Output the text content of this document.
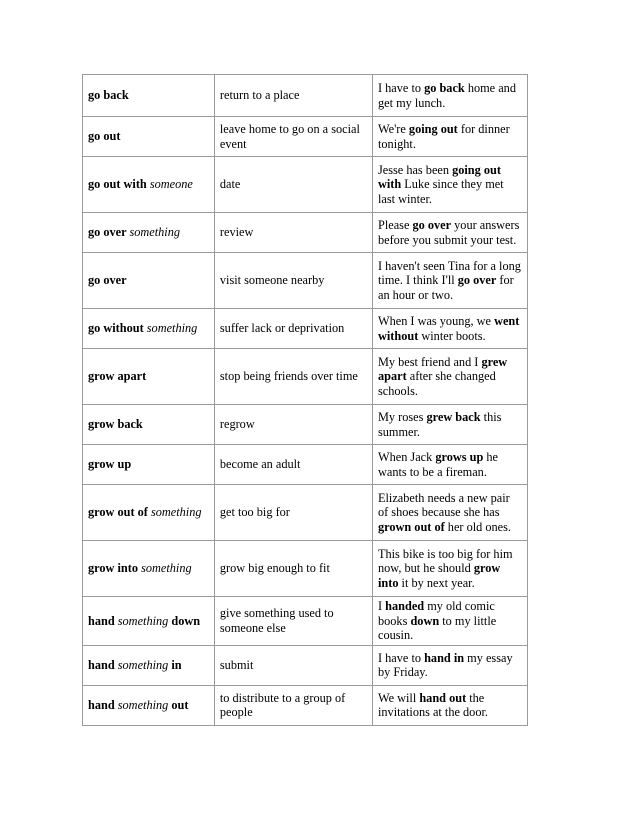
go back	return to a place	I have to go back home and get my lunch.
go out	leave home to go on a social event	We're going out for dinner tonight.
go out with someone	date	Jesse has been going out with Luke since they met last winter.
go over something	review	Please go over your answers before you submit your test.
go over	visit someone nearby	I haven't seen Tina for a long time. I think I'll go over for an hour or two.
go without something	suffer lack or deprivation	When I was young, we went without winter boots.
grow apart	stop being friends over time	My best friend and I grew apart after she changed schools.
grow back	regrow	My roses grew back this summer.
grow up	become an adult	When Jack grows up he wants to be a fireman.
grow out of something	get too big for	Elizabeth needs a new pair of shoes because she has grown out of her old ones.
grow into something	grow big enough to fit	This bike is too big for him now, but he should grow into it by next year.
hand something down	give something used to someone else	I handed my old comic books down to my little cousin.
hand something in	submit	I have to hand in my essay by Friday.
hand something out	to distribute to a group of people	We will hand out the invitations at the door.
